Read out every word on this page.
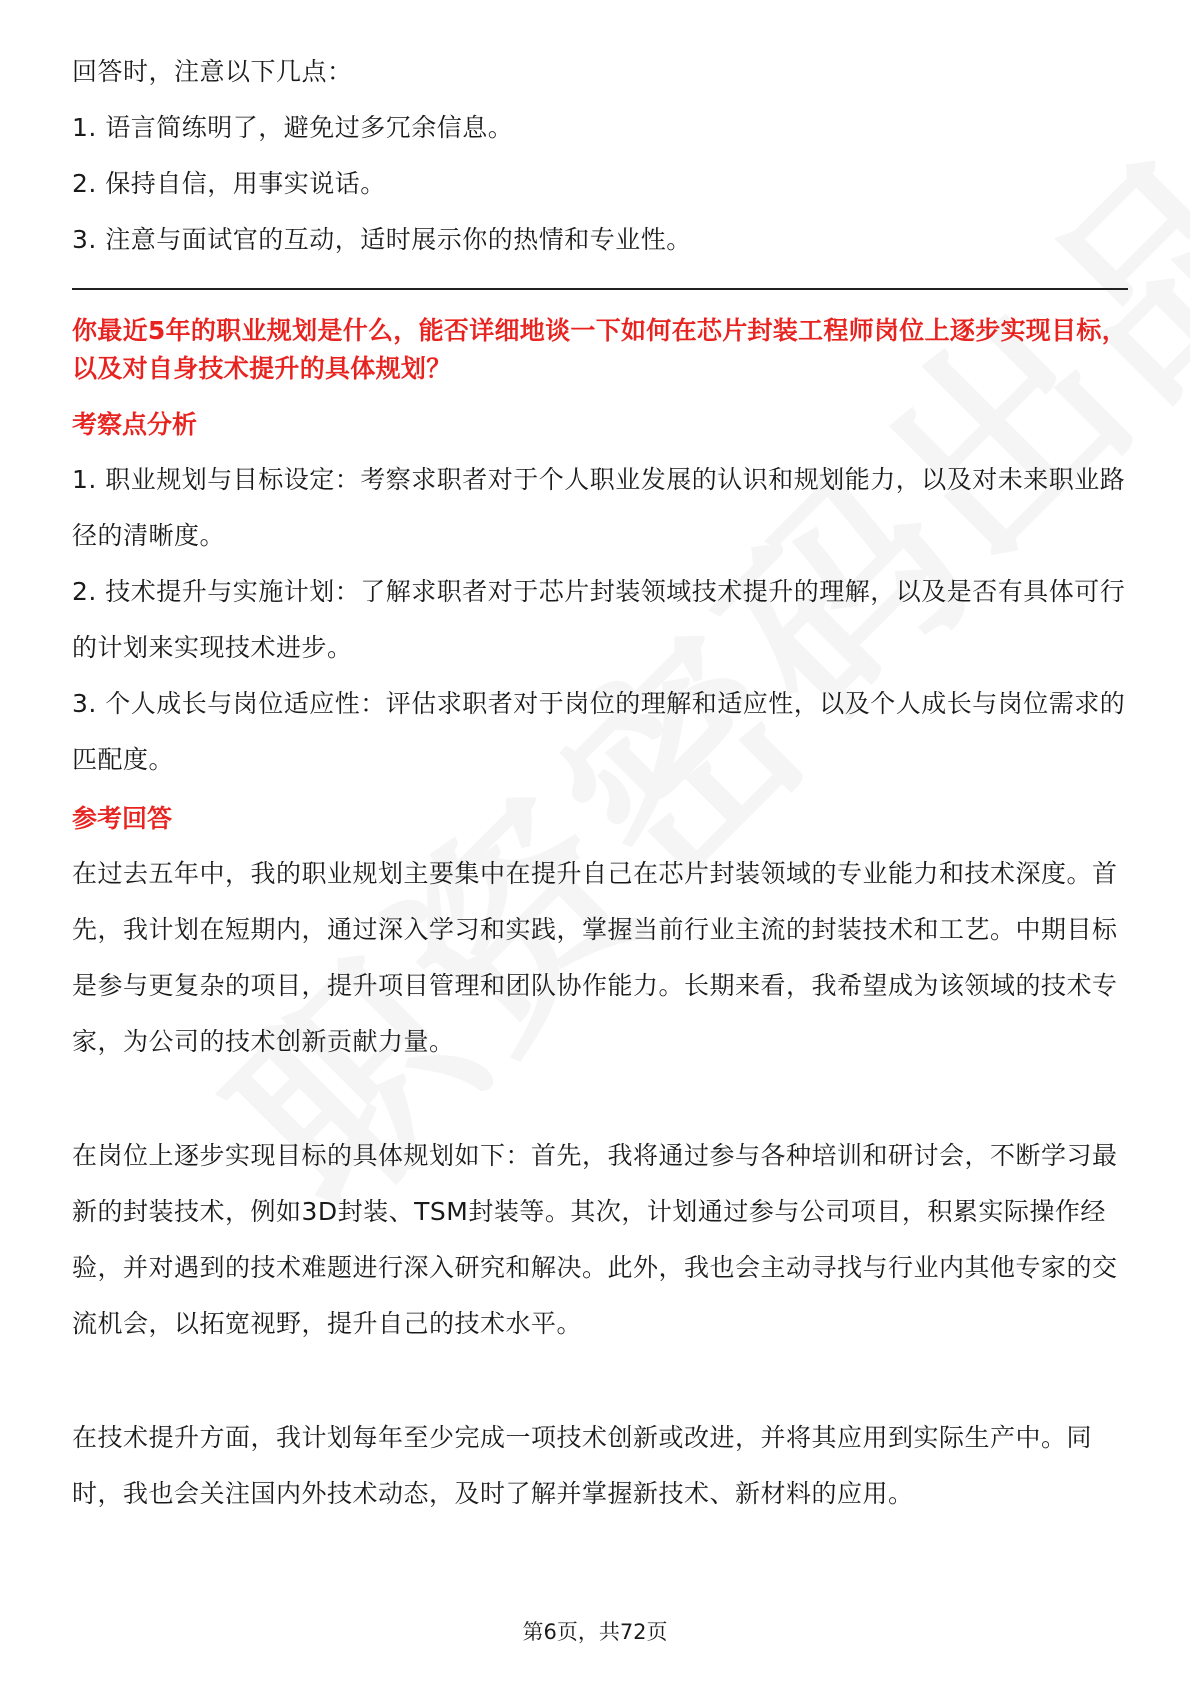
回答时，注意以下几点：

1. 语言简练明了，避免过多冗余信息。

2. 保持自信，用事实说话。

3. 注意与面试官的互动，适时展示你的热情和专业性。

你最近5年的职业规划是什么，能否详细地谈一下如何在芯片封装工程师岗位上逐步实现目标，以及对自身技术提升的具体规划？

考察点分析

1. 职业规划与目标设定：考察求职者对于个人职业发展的认识和规划能力，以及对未来职业路径的清晰度。

2. 技术提升与实施计划：了解求职者对于芯片封装领域技术提升的理解，以及是否有具体可行的计划来实现技术进步。

3. 个人成长与岗位适应性：评估求职者对于岗位的理解和适应性，以及个人成长与岗位需求的匹配度。

参考回答

在过去五年中，我的职业规划主要集中在提升自己在芯片封装领域的专业能力和技术深度。首先，我计划在短期内，通过深入学习和实践，掌握当前行业主流的封装技术和工艺。中期目标是参与更复杂的项目，提升项目管理和团队协作能力。长期来看，我希望成为该领域的技术专家，为公司的技术创新贡献力量。

在岗位上逐步实现目标的具体规划如下：首先，我将通过参与各种培训和研讨会，不断学习最新的封装技术，例如3D封装、TSM封装等。其次，计划通过参与公司项目，积累实际操作经验，并对遇到的技术难题进行深入研究和解决。此外，我也会主动寻找与行业内其他专家的交流机会，以拓宽视野，提升自己的技术水平。

在技术提升方面，我计划每年至少完成一项技术创新或改进，并将其应用到实际生产中。同时，我也会关注国内外技术动态，及时了解并掌握新技术、新材料的应用。

第6页，共72页
